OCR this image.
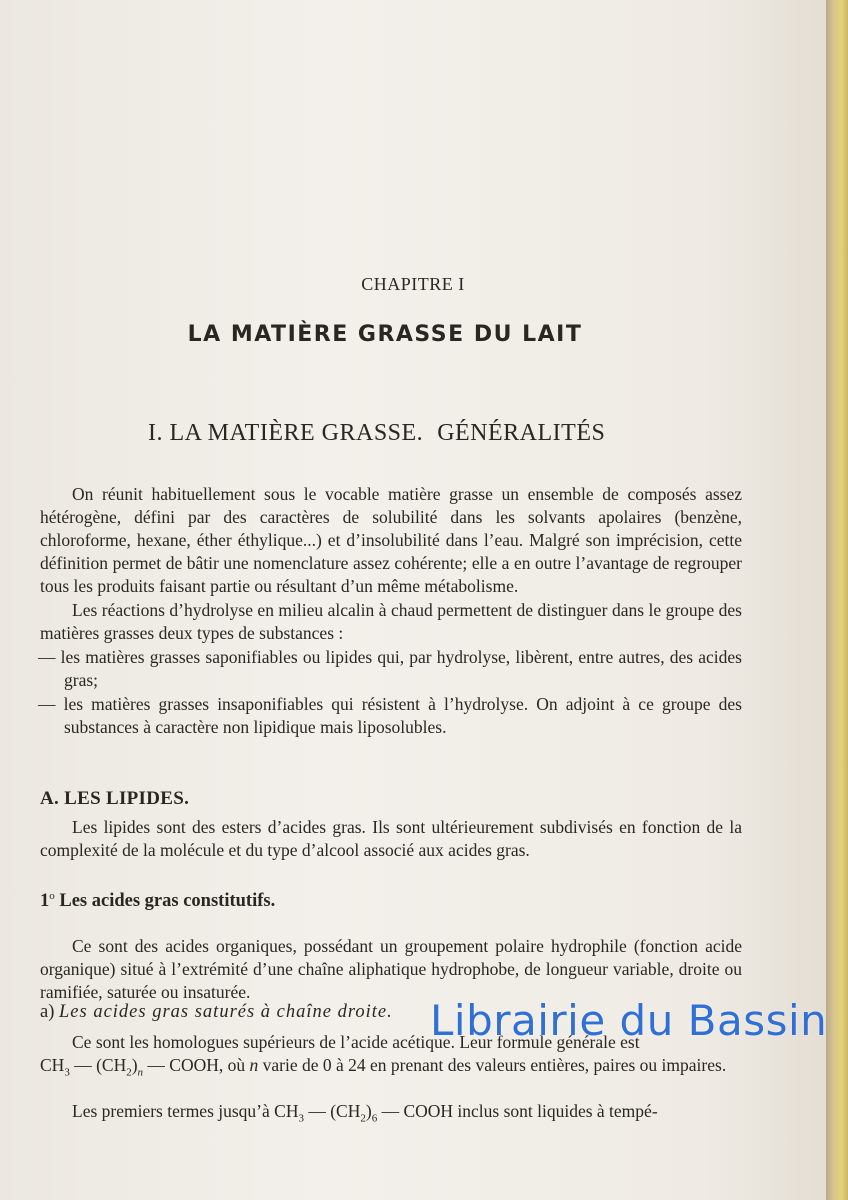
CHAPITRE I

LA MATIÈRE GRASSE DU LAIT

I. LA MATIÈRE GRASSE. GÉNÉRALITÉS

On réunit habituellement sous le vocable matière grasse un ensemble de composés assez hétérogène, défini par des caractères de solubilité dans les solvants apolaires (benzène, chloroforme, hexane, éther éthylique...) et d’insolubilité dans l’eau. Malgré son imprécision, cette définition permet de bâtir une nomenclature assez cohérente; elle a en outre l’avantage de regrouper tous les produits faisant partie ou résultant d’un même métabolisme.

Les réactions d’hydrolyse en milieu alcalin à chaud permettent de distinguer dans le groupe des matières grasses deux types de substances :

— les matières grasses saponifiables ou lipides qui, par hydrolyse, libèrent, entre autres, des acides gras;

— les matières grasses insaponifiables qui résistent à l’hydrolyse. On adjoint à ce groupe des substances à caractère non lipidique mais liposolubles.

A. LES LIPIDES.

Les lipides sont des esters d’acides gras. Ils sont ultérieurement subdivisés en fonction de la complexité de la molécule et du type d’alcool associé aux acides gras.

1$^o$ Les acides gras constitutifs.

Ce sont des acides organiques, possédant un groupement polaire hydrophile (fonction acide organique) situé à l’extrémité d’une chaîne aliphatique hydrophobe, de longueur variable, droite ou ramifiée, saturée ou insaturée.

a) Les acides gras saturés à chaîne droite.

Ce sont les homologues supérieurs de l’acide acétique. Leur formule générale est

$CH_3$ — $(CH_2)_n$ — COOH, où n varie de 0 à 24 en prenant des valeurs entières, paires ou impaires.

Les premiers termes jusqu’à $CH_3$ — $(CH_2)_6$ — COOH inclus sont liquides à tempé-

Librairie du Bassin
